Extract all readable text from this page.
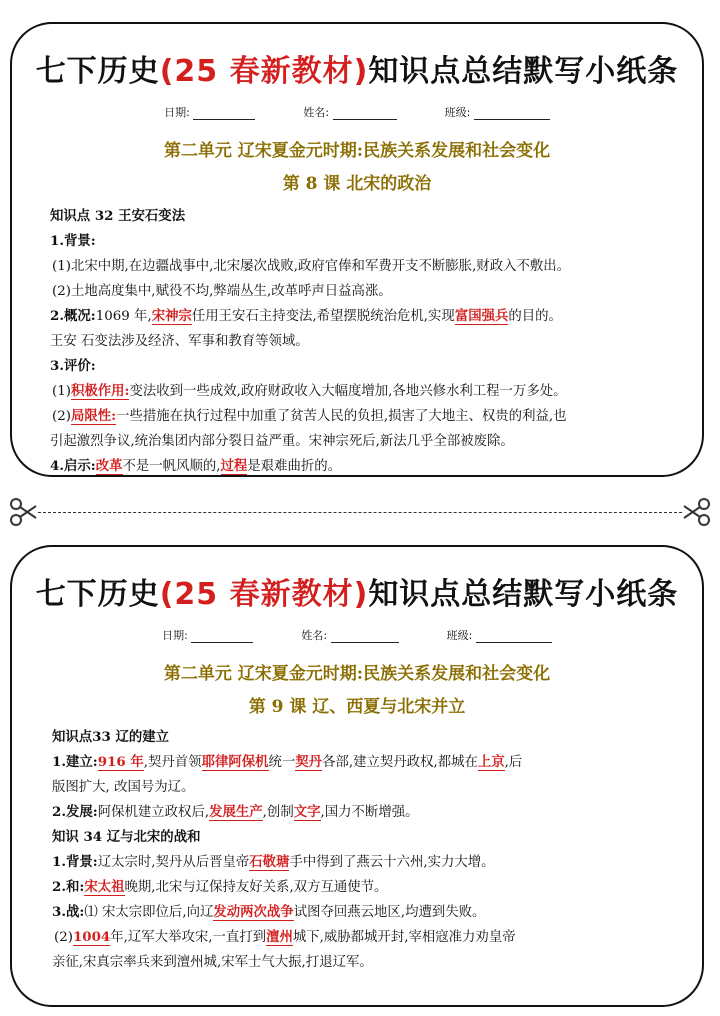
七下历史(25 春新教材)知识点总结默写小纸条
日期:	姓名:	班级:
第二单元 辽宋夏金元时期:民族关系发展和社会变化
第 8 课 北宋的政治
知识点 32 王安石变法
1.背景:
(1)北宋中期,在边疆战事中,北宋屡次战败,政府官俸和军费开支不断膨胀,财政入不敷出。
(2)土地高度集中,赋役不均,弊端丛生,改革呼声日益高涨。
2.概况:1069 年,宋神宗任用王安石主持变法,希望摆脱统治危机,实现富国强兵的目的。
王安 石变法涉及经济、军事和教育等领域。
3.评价:
(1)积极作用:变法收到一些成效,政府财政收入大幅度增加,各地兴修水利工程一万多处。
(2)局限性:一些措施在执行过程中加重了贫苦人民的负担,损害了大地主、权贵的利益,也
引起激烈争议,统治集团内部分裂日益严重。宋神宗死后,新法几乎全部被废除。
4.启示:改革不是一帆风顺的,过程是艰难曲折的。
七下历史(25 春新教材)知识点总结默写小纸条
日期:	姓名:	班级:
第二单元 辽宋夏金元时期:民族关系发展和社会变化
第 9 课 辽、西夏与北宋并立
知识点33 辽的建立
1.建立:916 年,契丹首领耶律阿保机统一契丹各部,建立契丹政权,都城在上京,后
版图扩大, 改国号为辽。
2.发展:阿保机建立政权后,发展生产,创制文字,国力不断增强。
知识 34 辽与北宋的战和
1.背景:辽太宗时,契丹从后晋皇帝石敬瑭手中得到了燕云十六州,实力大增。
2.和:宋太祖晚期,北宋与辽保持友好关系,双方互通使节。
3.战:⑴ 宋太宗即位后,向辽发动两次战争试图夺回燕云地区,均遭到失败。
(2)1004年,辽军大举攻宋,一直打到澶州城下,威胁都城开封,宰相寇准力劝皇帝
亲征,宋真宗率兵来到澶州城,宋军士气大振,打退辽军。
